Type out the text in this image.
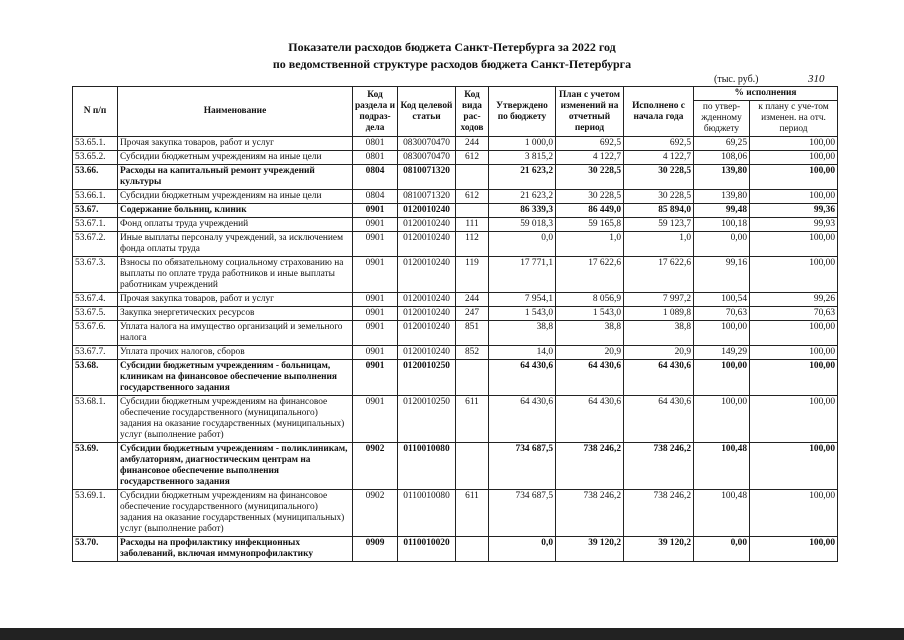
Показатели расходов бюджета Санкт-Петербурга за 2022 год
по ведомственной структуре расходов бюджета Санкт-Петербурга
(тыс. руб.)	310
N п/п	Наименование	Код раздела и подраз-дела	Код целевой статьи	Код вида рас-ходов	Утверждено по бюджету	План с учетом изменений на отчетный период	Исполнено с начала года	% исполнения	
								по утвер-жденному бюджету	к плану с уче-том изменен. на отч. период
53.65.1.	Прочая закупка товаров, работ и услуг	0801	0830070470	244	1 000,0	692,5	692,5	69,25	100,00
53.65.2.	Субсидии бюджетным учреждениям на иные цели	0801	0830070470	612	3 815,2	4 122,7	4 122,7	108,06	100,00
53.66.	Расходы на капитальный ремонт учреждений культуры	0804	0810071320		21 623,2	30 228,5	30 228,5	139,80	100,00
53.66.1.	Субсидии бюджетным учреждениям на иные цели	0804	0810071320	612	21 623,2	30 228,5	30 228,5	139,80	100,00
53.67.	Содержание больниц, клиник	0901	0120010240		86 339,3	86 449,0	85 894,0	99,48	99,36
53.67.1.	Фонд оплаты труда учреждений	0901	0120010240	111	59 018,3	59 165,8	59 123,7	100,18	99,93
53.67.2.	Иные выплаты персоналу учреждений, за исключением фонда оплаты труда	0901	0120010240	112	0,0	1,0	1,0	0,00	100,00
53.67.3.	Взносы по обязательному социальному страхованию на выплаты по оплате труда работников и иные выплаты работникам учреждений	0901	0120010240	119	17 771,1	17 622,6	17 622,6	99,16	100,00
53.67.4.	Прочая закупка товаров, работ и услуг	0901	0120010240	244	7 954,1	8 056,9	7 997,2	100,54	99,26
53.67.5.	Закупка энергетических ресурсов	0901	0120010240	247	1 543,0	1 543,0	1 089,8	70,63	70,63
53.67.6.	Уплата налога на имущество организаций и земельного налога	0901	0120010240	851	38,8	38,8	38,8	100,00	100,00
53.67.7.	Уплата прочих налогов, сборов	0901	0120010240	852	14,0	20,9	20,9	149,29	100,00
53.68.	Субсидии бюджетным учреждениям - больницам, клиникам на финансовое обеспечение выполнения государственного задания	0901	0120010250		64 430,6	64 430,6	64 430,6	100,00	100,00
53.68.1.	Субсидии бюджетным учреждениям на финансовое обеспечение государственного (муниципального) задания на оказание государственных (муниципальных) услуг (выполнение работ)	0901	0120010250	611	64 430,6	64 430,6	64 430,6	100,00	100,00
53.69.	Субсидии бюджетным учреждениям - поликлиникам, амбулаториям, диагностическим центрам на финансовое обеспечение выполнения государственного задания	0902	0110010080		734 687,5	738 246,2	738 246,2	100,48	100,00
53.69.1.	Субсидии бюджетным учреждениям на финансовое обеспечение государственного (муниципального) задания на оказание государственных (муниципальных) услуг (выполнение работ)	0902	0110010080	611	734 687,5	738 246,2	738 246,2	100,48	100,00
53.70.	Расходы на профилактику инфекционных заболеваний, включая иммунопрофилактику	0909	0110010020		0,0	39 120,2	39 120,2	0,00	100,00
